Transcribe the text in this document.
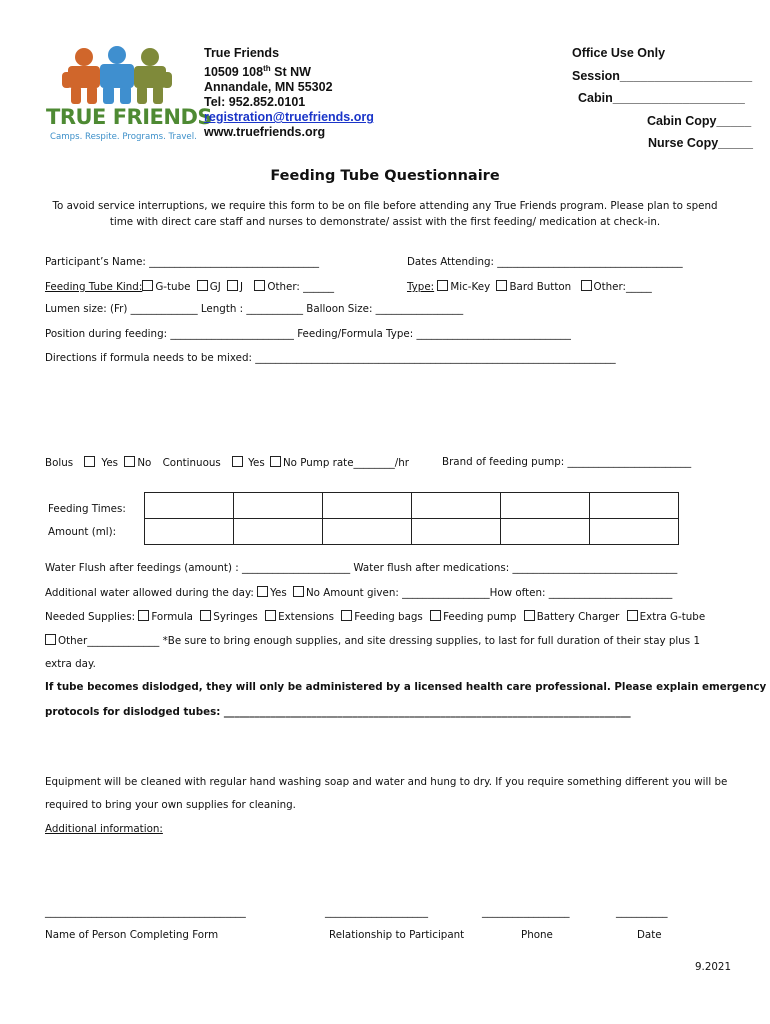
TRUE FRIENDS
Camps. Respite. Programs. Travel.
True Friends
10509 108th St NW
Annandale, MN 55302
Tel: 952.852.0101
registration@truefriends.org
www.truefriends.org
Office Use Only
Session___________________
Cabin___________________
Cabin Copy_____
Nurse Copy_____
Feeding Tube Questionnaire
To avoid service interruptions, we require this form to be on file before attending any True Friends program. Please plan to spend
time with direct care staff and nurses to demonstrate/ assist with the first feeding/ medication at check-in.
Participant’s Name: _________________________________	Dates Attending: ____________________________________
Feeding Tube Kind: G-tube GJ J Other: ______	Type: Mic-Key Bard Button Other:_____
Lumen size: (Fr) _____________ Length : ___________ Balloon Size: _________________
Position during feeding: ________________________ Feeding/Formula Type: ______________________________
Directions if formula needs to be mixed: ______________________________________________________________________
Bolus	Yes No Continuous	Yes No Pump rate________/hr	Brand of feeding pump: ________________________

Feeding Times:
Amount (ml):
Water Flush after feedings (amount) : _____________________ Water flush after medications: ________________________________
Additional water allowed during the day: Yes No Amount given: _________________How often: ________________________
Needed Supplies: Formula Syringes Extensions Feeding bags Feeding pump Battery Charger Extra G-tube
Other______________ *Be sure to bring enough supplies, and site dressing supplies, to last for full duration of their stay plus 1
extra day.
If tube becomes dislodged, they will only be administered by a licensed health care professional. Please explain emergency
protocols for dislodged tubes: _______________________________________________________________________________
Equipment will be cleaned with regular hand washing soap and water and hung to dry. If you require something different you will be
required to bring your own supplies for cleaning.
Additional information:
_______________________________________	____________________	_________________	__________
Name of Person Completing Form	Relationship to Participant	Phone	Date
9.2021
